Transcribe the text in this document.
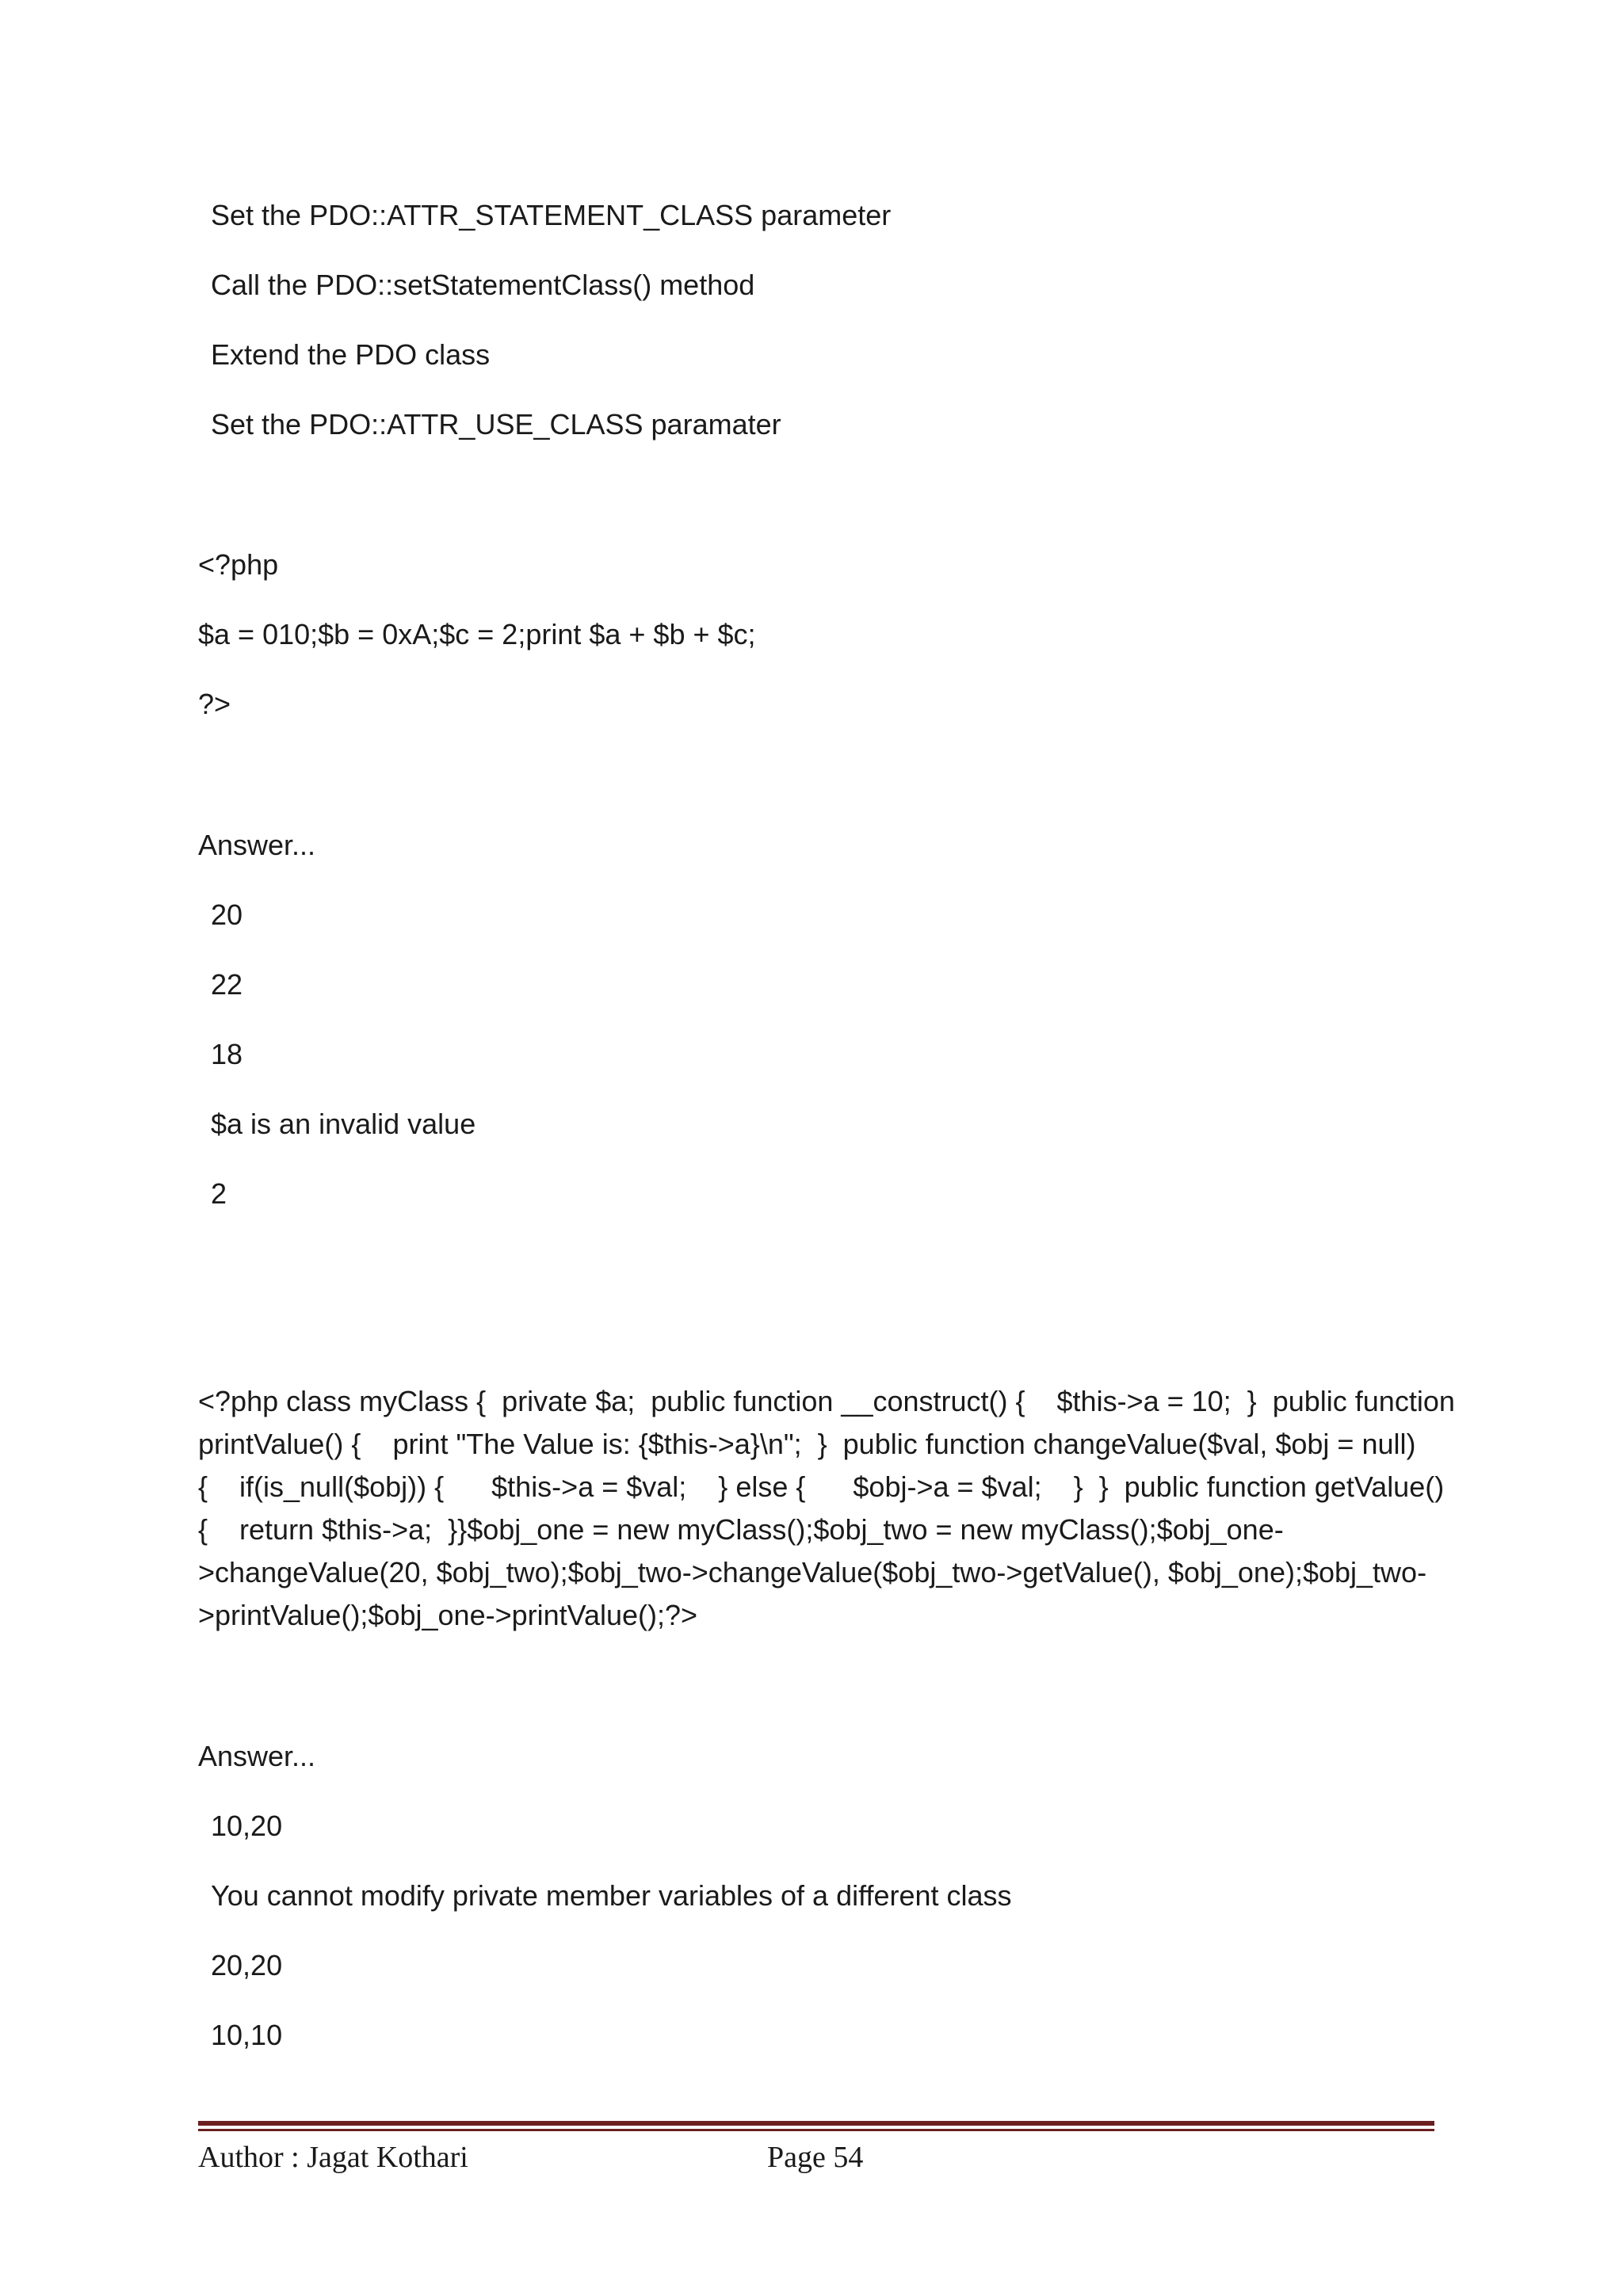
Set the PDO::ATTR_STATEMENT_CLASS parameter
Call the PDO::setStatementClass() method
Extend the PDO class
Set the PDO::ATTR_USE_CLASS paramater
<?php
$a = 010;$b = 0xA;$c = 2;print $a + $b + $c;
?>
Answer...
20
22
18
$a is an invalid value
2
<?php class myClass {  private $a;  public function __construct() {    $this->a = 10;  }  public function
printValue() {    print "The Value is: {$this->a}\n";  }  public function changeValue($val, $obj = null)
{    if(is_null($obj)) {      $this->a = $val;    } else {      $obj->a = $val;    }  }  public function getValue()
{    return $this->a;  }}$obj_one = new myClass();$obj_two = new myClass();$obj_one-
>changeValue(20, $obj_two);$obj_two->changeValue($obj_two->getValue(), $obj_one);$obj_two-
>printValue();$obj_one->printValue();?>
Answer...
10,20
You cannot modify private member variables of a different class
20,20
10,10
Author : Jagat Kothari	Page 54
